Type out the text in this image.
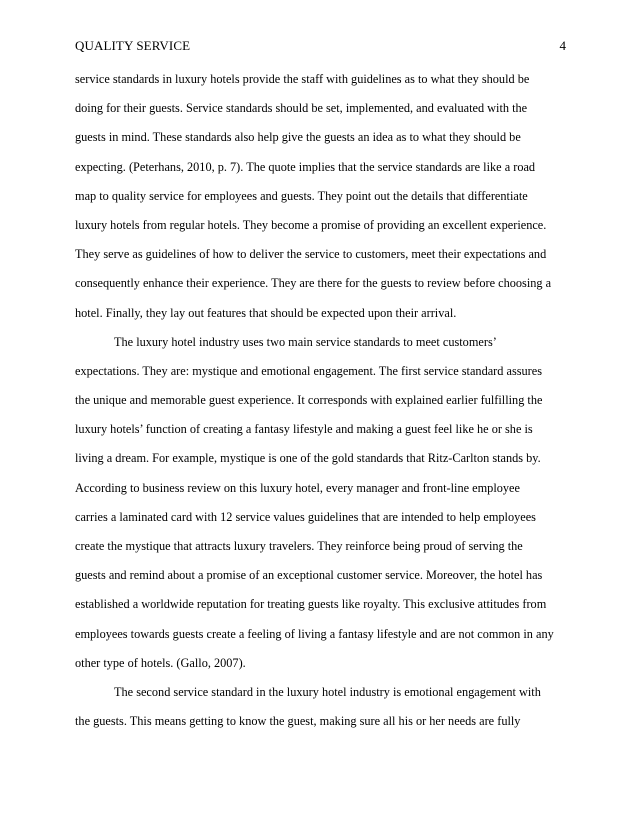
QUALITY SERVICE	4
service standards in luxury hotels provide the staff with guidelines as to what they should be
doing for their guests. Service standards should be set, implemented, and evaluated with the
guests in mind. These standards also help give the guests an idea as to what they should be
expecting. (Peterhans, 2010, p. 7). The quote implies that the service standards are like a road
map to quality service for employees and guests. They point out the details that differentiate
luxury hotels from regular hotels. They become a promise of providing an excellent experience.
They serve as guidelines of how to deliver the service to customers, meet their expectations and
consequently enhance their experience. They are there for the guests to review before choosing a
hotel. Finally, they lay out features that should be expected upon their arrival.
The luxury hotel industry uses two main service standards to meet customers’
expectations. They are: mystique and emotional engagement. The first service standard assures
the unique and memorable guest experience. It corresponds with explained earlier fulfilling the
luxury hotels’ function of creating a fantasy lifestyle and making a guest feel like he or she is
living a dream. For example, mystique is one of the gold standards that Ritz-Carlton stands by.
According to business review on this luxury hotel, every manager and front-line employee
carries a laminated card with 12 service values guidelines that are intended to help employees
create the mystique that attracts luxury travelers. They reinforce being proud of serving the
guests and remind about a promise of an exceptional customer service. Moreover, the hotel has
established a worldwide reputation for treating guests like royalty. This exclusive attitudes from
employees towards guests create a feeling of living a fantasy lifestyle and are not common in any
other type of hotels. (Gallo, 2007).
The second service standard in the luxury hotel industry is emotional engagement with
the guests. This means getting to know the guest, making sure all his or her needs are fully
